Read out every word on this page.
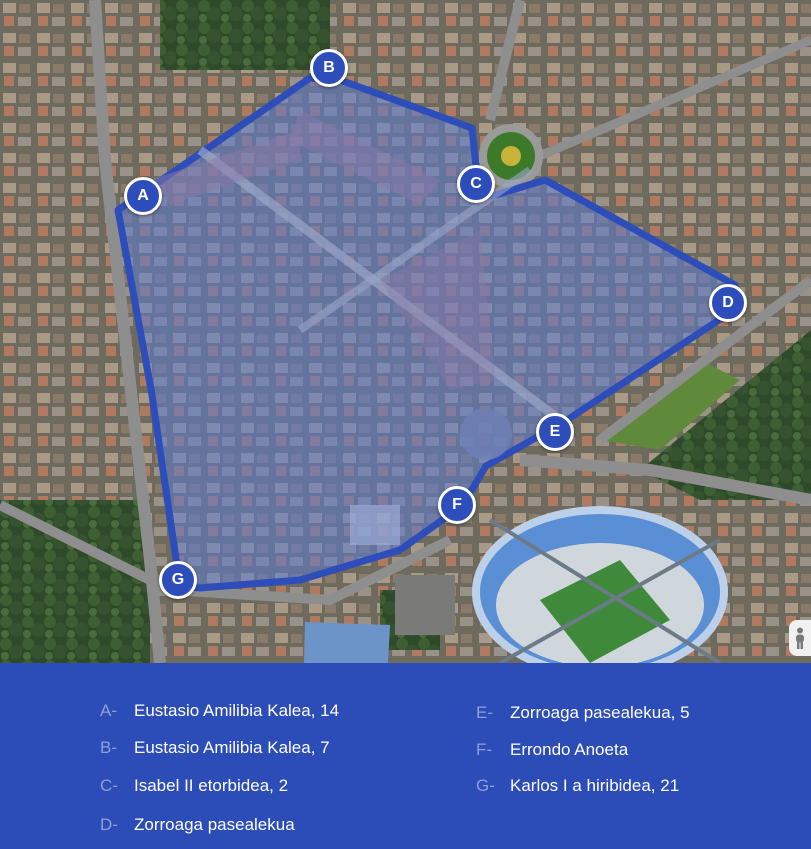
A
B
C
D
E
F
G
A- Eustasio Amilibia Kalea, 14
B- Eustasio Amilibia Kalea, 7
C- Isabel II etorbidea, 2
D- Zorroaga pasealekua
E- Zorroaga pasealekua, 5
F- Errondo Anoeta
G- Karlos I a hiribidea, 21
